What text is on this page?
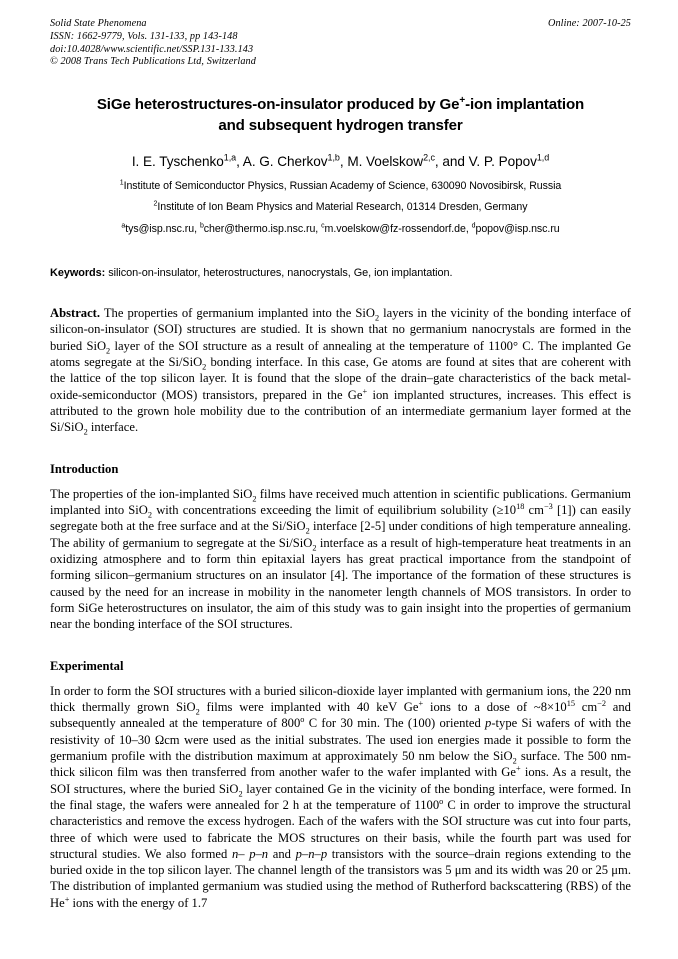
Online: 2007-10-25
Solid State Phenomena
ISSN: 1662-9779, Vols. 131-133, pp 143-148
doi:10.4028/www.scientific.net/SSP.131-133.143
© 2008 Trans Tech Publications Ltd, Switzerland
SiGe heterostructures-on-insulator produced by Ge+-ion implantation
and subsequent hydrogen transfer
I. E. Tyschenko$^{1,a}$, A. G. Cherkov$^{1,b}$, M. Voelskow$^{2,c}$, and V. P. Popov$^{1,d}$
$^1$Institute of Semiconductor Physics, Russian Academy of Science, 630090 Novosibirsk, Russia
$^2$Institute of Ion Beam Physics and Material Research, 01314 Dresden, Germany
$^a$tys@isp.nsc.ru, $^b$cher@thermo.isp.nsc.ru, $^c$m.voelskow@fz-rossendorf.de, $^d$popov@isp.nsc.ru
Keywords: silicon-on-insulator, heterostructures, nanocrystals, Ge, ion implantation.

Abstract. The properties of germanium implanted into the SiO$_2$ layers in the vicinity of the bonding interface of silicon-on-insulator (SOI) structures are studied. It is shown that no germanium nanocrystals are formed in the buried SiO$_2$ layer of the SOI structure as a result of annealing at the temperature of 1100° C. The implanted Ge atoms segregate at the Si/SiO$_2$ bonding interface. In this case, Ge atoms are found at sites that are coherent with the lattice of the top silicon layer. It is found that the slope of the drain–gate characteristics of the back metal-oxide-semiconductor (MOS) transistors, prepared in the Ge+ ion implanted structures, increases. This effect is attributed to the grown hole mobility due to the contribution of an intermediate germanium layer formed at the Si/SiO$_2$ interface.

Introduction

The properties of the ion-implanted SiO$_2$ films have received much attention in scientific publications. Germanium implanted into SiO$_2$ with concentrations exceeding the limit of equilibrium solubility ($\ge 10^{18}$ $cm^{-3}$ [1]) can easily segregate both at the free surface and at the Si/SiO$_2$ interface [2-5] under conditions of high temperature annealing. The ability of germanium to segregate at the Si/SiO$_2$ interface as a result of high-temperature heat treatments in an oxidizing atmosphere and to form thin epitaxial layers has great practical importance from the standpoint of forming silicon–germanium structures on an insulator [4]. The importance of the formation of these structures is caused by the need for an increase in mobility in the nanometer length channels of MOS transistors. In order to form SiGe heterostructures on insulator, the aim of this study was to gain insight into the properties of germanium near the bonding interface of the SOI structures.

Experimental

In order to form the SOI structures with a buried silicon-dioxide layer implanted with germanium ions, the 220 nm thick thermally grown SiO$_2$ films were implanted with 40 keV Ge+ ions to a dose of $\sim 8\times 10^{15}$ $cm^{-2}$ and subsequently annealed at the temperature of 800$^o$ C for 30 min. The (100) oriented p-type Si wafers of with the resistivity of 10–30 Ωcm were used as the initial substrates. The used ion energies made it possible to form the germanium profile with the distribution maximum at approximately 50 nm below the SiO$_2$ surface. The 500 nm-thick silicon film was then transferred from another wafer to the wafer implanted with Ge+ ions. As a result, the SOI structures, where the buried SiO$_2$ layer contained Ge in the vicinity of the bonding interface, were formed. In the final stage, the wafers were annealed for 2 h at the temperature of 1100$^o$ C in order to improve the structural characteristics and remove the excess hydrogen. Each of the wafers with the SOI structure was cut into four parts, three of which were used to fabricate the MOS structures on their basis, while the fourth part was used for structural studies. We also formed n– p–n and p–n–p transistors with the source–drain regions extending to the buried oxide in the top silicon layer. The channel length of the transistors was 5 μm and its width was 20 or 25 μm. The distribution of implanted germanium was studied using the method of Rutherford backscattering (RBS) of the He+ ions with the energy of 1.7
